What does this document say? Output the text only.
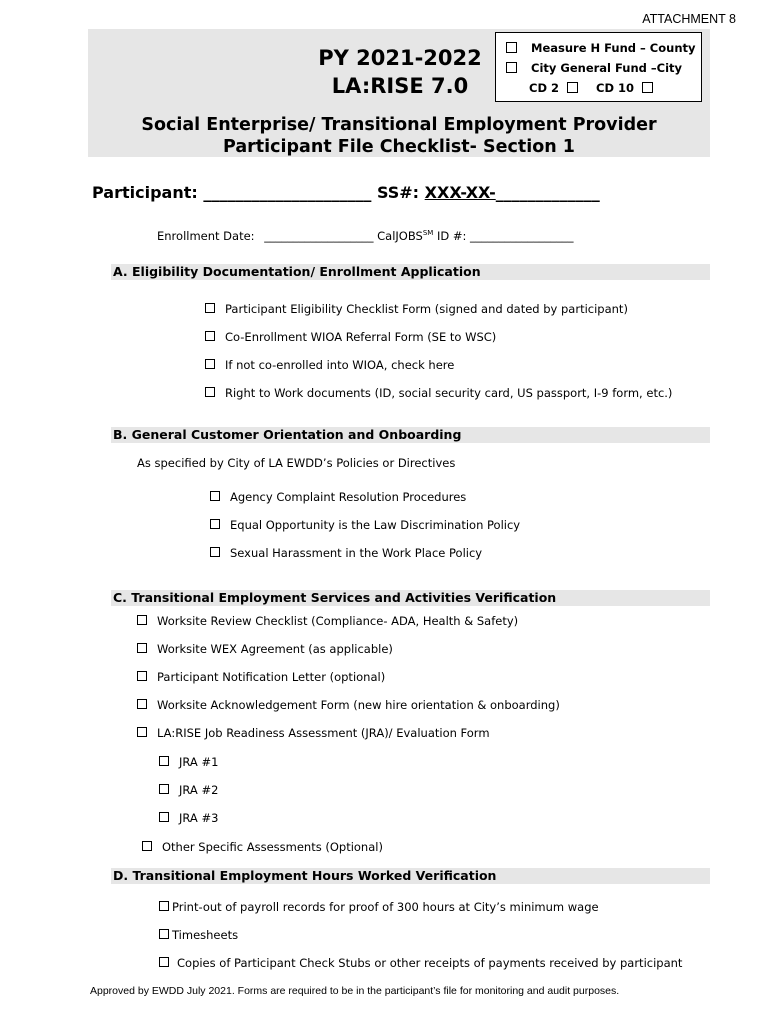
ATTACHMENT 8
PY 2021-2022
LA:RISE 7.0
Measure H Fund – County
City General Fund –City
CD 2	CD 10
Social Enterprise/ Transitional Employment Provider
Participant File Checklist- Section 1
Participant: _____________________ SS#: XXX-XX-_____________
Enrollment Date: ___________________ CalJOBS℠ ID #: __________________
A. Eligibility Documentation/ Enrollment Application
Participant Eligibility Checklist Form (signed and dated by participant)
Co-Enrollment WIOA Referral Form (SE to WSC)
If not co-enrolled into WIOA, check here
Right to Work documents (ID, social security card, US passport, I-9 form, etc.)
B. General Customer Orientation and Onboarding
As specified by City of LA EWDD’s Policies or Directives
Agency Complaint Resolution Procedures
Equal Opportunity is the Law Discrimination Policy
Sexual Harassment in the Work Place Policy
C. Transitional Employment Services and Activities Verification
Worksite Review Checklist (Compliance- ADA, Health & Safety)
Worksite WEX Agreement (as applicable)
Participant Notification Letter (optional)
Worksite Acknowledgement Form (new hire orientation & onboarding)
LA:RISE Job Readiness Assessment (JRA)/ Evaluation Form
JRA #1
JRA #2
JRA #3
Other Specific Assessments (Optional)
D. Transitional Employment Hours Worked Verification
Print-out of payroll records for proof of 300 hours at City’s minimum wage
Timesheets
Copies of Participant Check Stubs or other receipts of payments received by participant
Approved by EWDD July 2021. Forms are required to be in the participant’s file for monitoring and audit purposes.
